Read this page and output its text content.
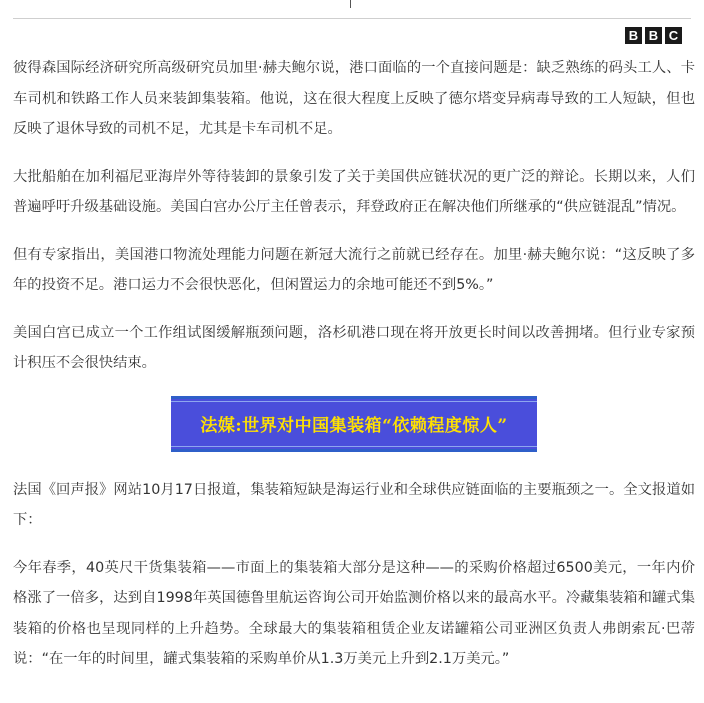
B B C

彼得森国际经济研究所高级研究员加里·赫夫鲍尔说，港口面临的一个直接问题是：缺乏熟练的码头工人、卡车司机和铁路工作人员来装卸集装箱。他说，这在很大程度上反映了德尔塔变异病毒导致的工人短缺，但也反映了退休导致的司机不足，尤其是卡车司机不足。

大批船舶在加利福尼亚海岸外等待装卸的景象引发了关于美国供应链状况的更广泛的辩论。长期以来，人们普遍呼吁升级基础设施。美国白宫办公厅主任曾表示，拜登政府正在解决他们所继承的“供应链混乱”情况。

但有专家指出，美国港口物流处理能力问题在新冠大流行之前就已经存在。加里·赫夫鲍尔说：“这反映了多年的投资不足。港口运力不会很快恶化，但闲置运力的余地可能还不到5%。”

美国白宫已成立一个工作组试图缓解瓶颈问题，洛杉矶港口现在将开放更长时间以改善拥堵。但行业专家预计积压不会很快结束。

法媒:世界对中国集装箱“依赖程度惊人”

法国《回声报》网站10月17日报道，集装箱短缺是海运行业和全球供应链面临的主要瓶颈之一。全文报道如下：

今年春季，40英尺干货集装箱——市面上的集装箱大部分是这种——的采购价格超过6500美元，一年内价格涨了一倍多，达到自1998年英国德鲁里航运咨询公司开始监测价格以来的最高水平。冷藏集装箱和罐式集装箱的价格也呈现同样的上升趋势。全球最大的集装箱租赁企业友诺罐箱公司亚洲区负责人弗朗索瓦·巴蒂说：“在一年的时间里，罐式集装箱的采购单价从1.3万美元上升到2.1万美元。”
